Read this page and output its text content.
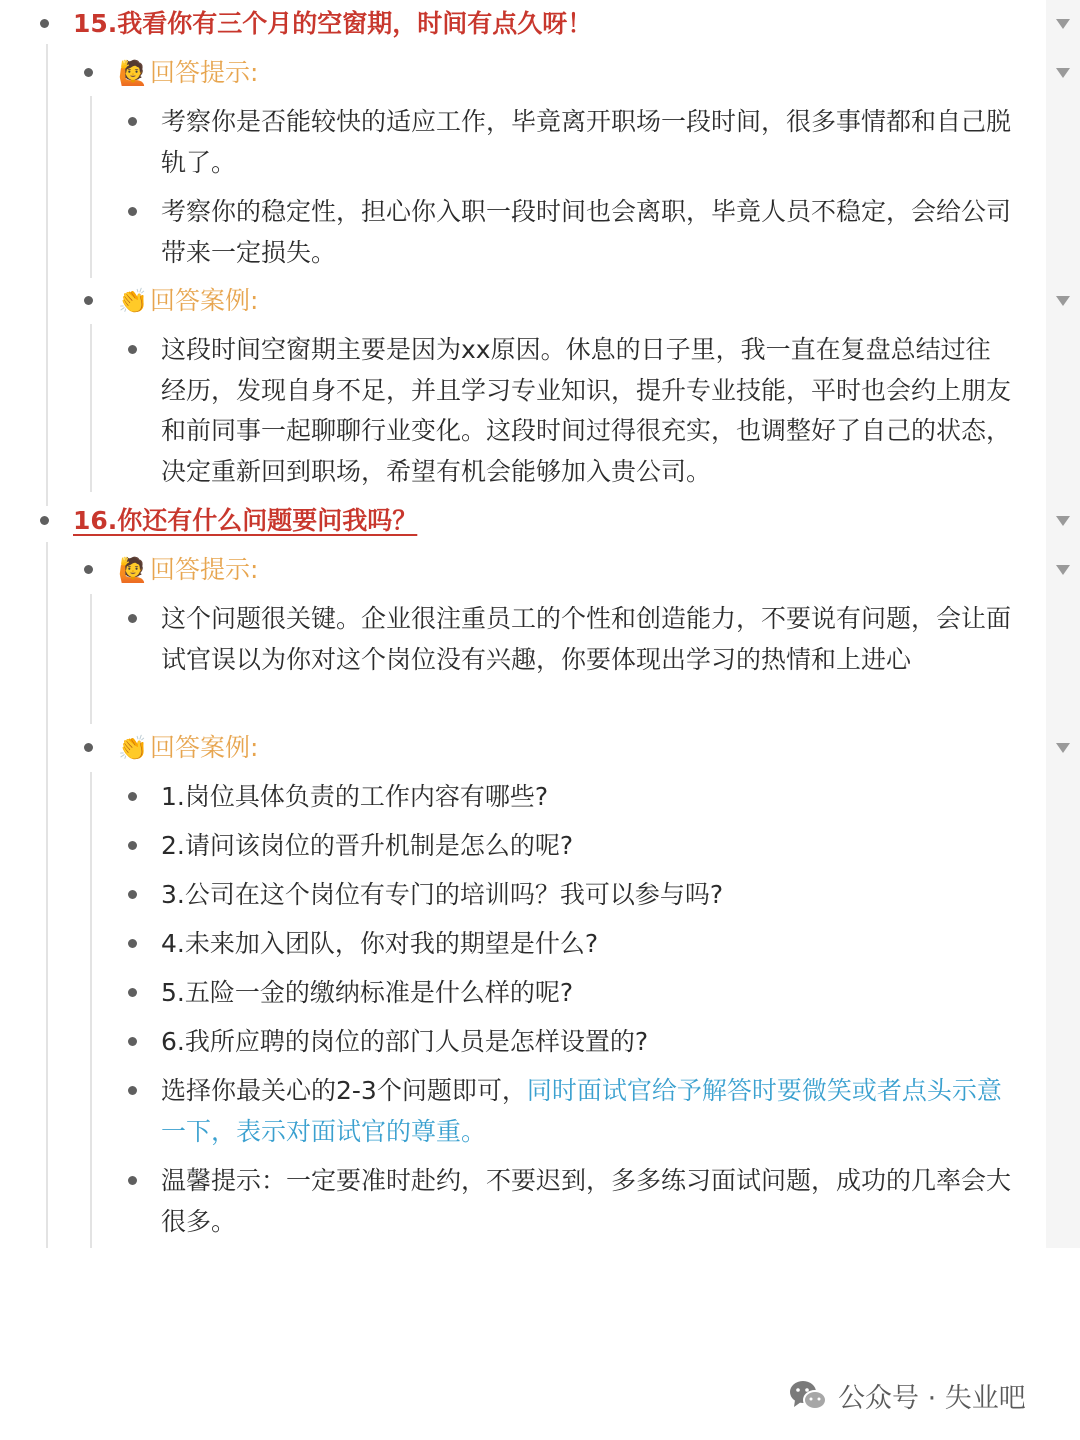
15.我看你有三个月的空窗期，时间有点久呀！
🙋回答提示:
考察你是否能较快的适应工作，毕竟离开职场一段时间，很多事情都和自己脱轨了。
考察你的稳定性，担心你入职一段时间也会离职，毕竟人员不稳定，会给公司带来一定损失。
👏回答案例:
这段时间空窗期主要是因为xx原因。休息的日子里，我一直在复盘总结过往经历，发现自身不足，并且学习专业知识，提升专业技能，平时也会约上朋友和前同事一起聊聊行业变化。这段时间过得很充实，也调整好了自己的状态，决定重新回到职场，希望有机会能够加入贵公司。
16.你还有什么问题要问我吗？
🙋回答提示:
这个问题很关键。企业很注重员工的个性和创造能力，不要说有问题，会让面试官误以为你对这个岗位没有兴趣，你要体现出学习的热情和上进心
👏回答案例:
1.岗位具体负责的工作内容有哪些?
2.请问该岗位的晋升机制是怎么的呢?
3.公司在这个岗位有专门的培训吗？我可以参与吗?
4.未来加入团队，你对我的期望是什么?
5.五险一金的缴纳标准是什么样的呢?
6.我所应聘的岗位的部门人员是怎样设置的?
选择你最关心的2-3个问题即可，同时面试官给予解答时要微笑或者点头示意一下，表示对面试官的尊重。
温馨提示：一定要准时赴约，不要迟到，多多练习面试问题，成功的几率会大很多。
公众号 · 失业吧
